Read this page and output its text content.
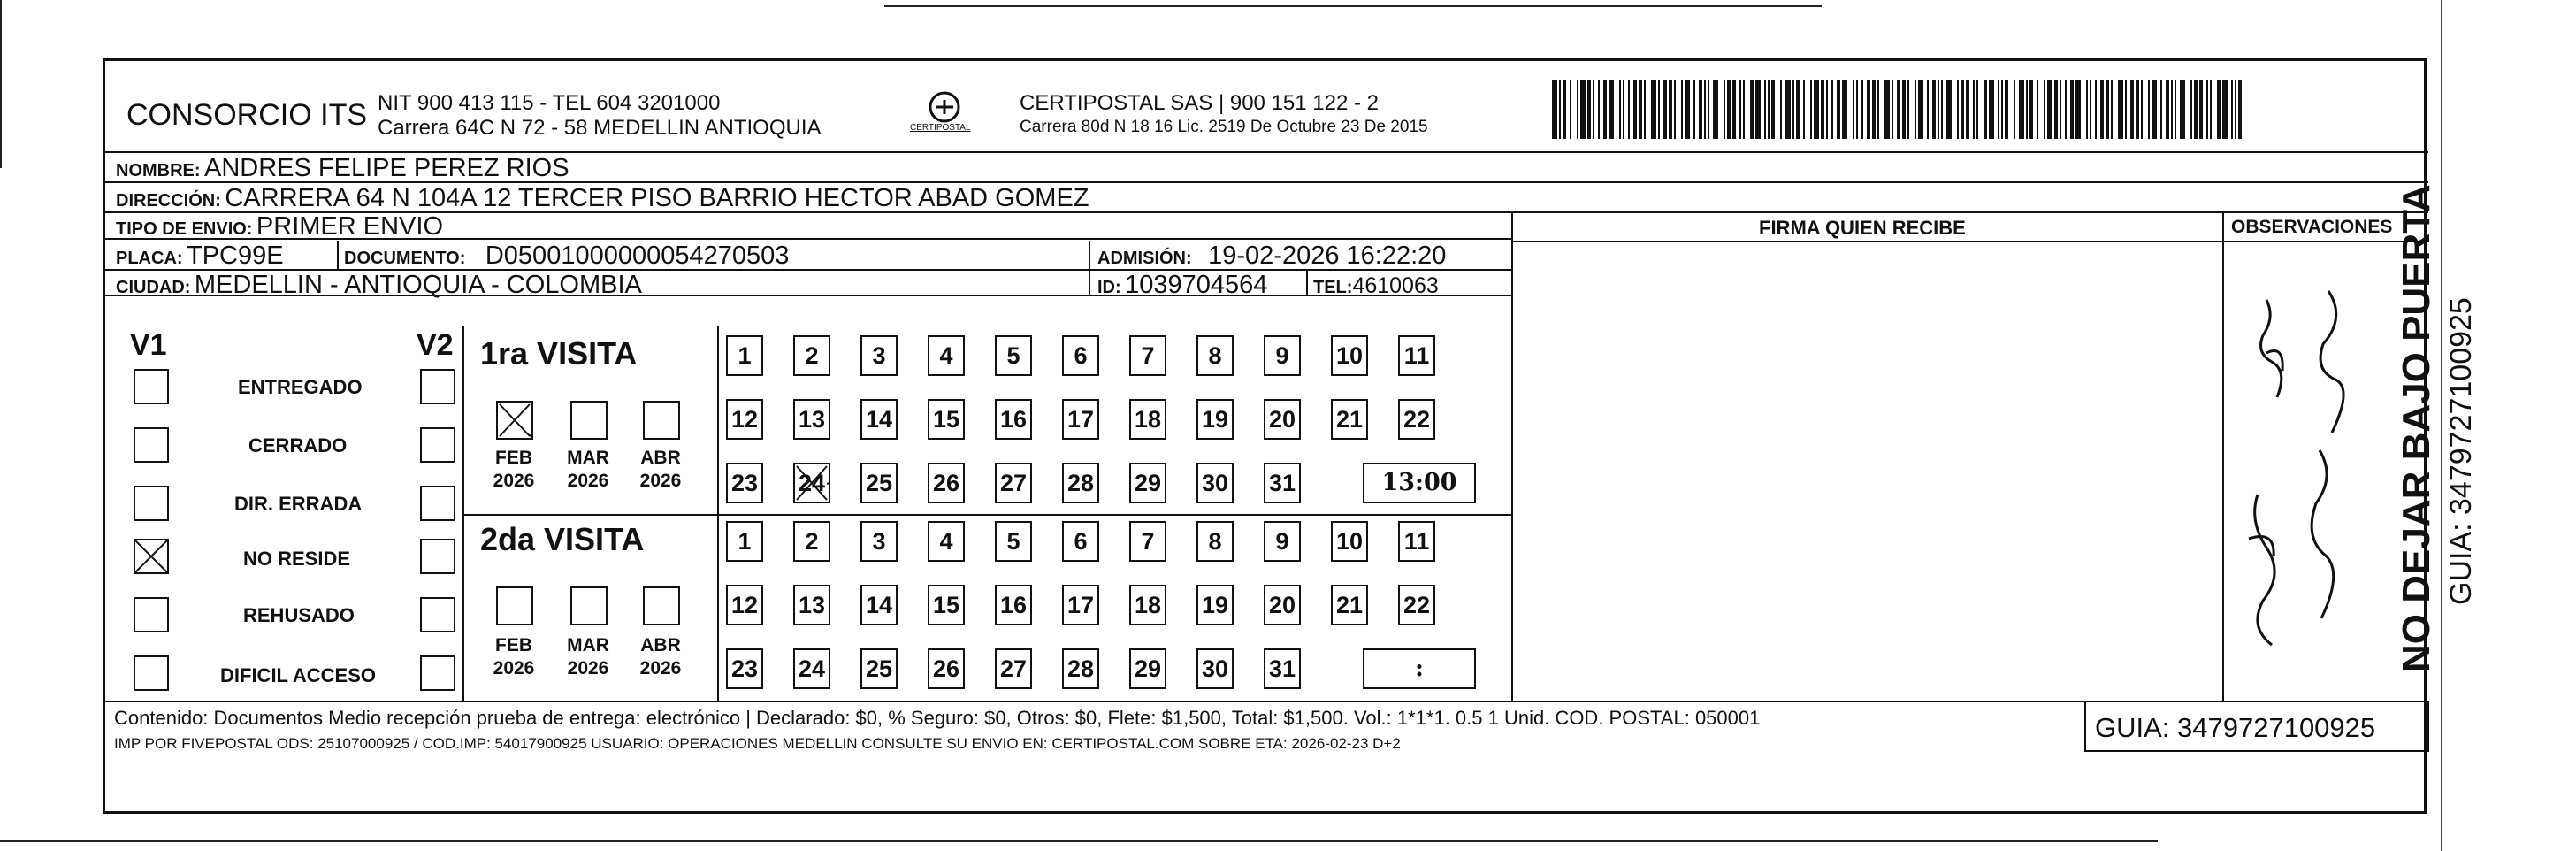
CONSORCIO ITS NIT 900 413 115 - TEL 604 3201000
Carrera 64C N 72 - 58 MEDELLIN ANTIOQUIA	CERTIPOSTAL
CERTIPOSTAL SAS | 900 151 122 - 2
Carrera 80d N 18 16 Lic. 2519 De Octubre 23 De 2015
NOMBRE: ANDRES FELIPE PEREZ RIOS
DIRECCIÓN: CARRERA 64 N 104A 12 TERCER PISO BARRIO HECTOR ABAD GOMEZ
TIPO DE ENVIO: PRIMER ENVIO
PLACA: TPC99E	DOCUMENTO: D05001000000054270503	ADMISIÓN: 19-02-2026 16:22:20
CIUDAD: MEDELLIN - ANTIOQUIA - COLOMBIA	ID: 1039704564	TEL:4610063
FIRMA QUIEN RECIBE	OBSERVACIONES
V1	V2
ENTREGADO
CERRADO
DIR. ERRADA
NO RESIDE
REHUSADO
DIFICIL ACCESO
1ra VISITA
FEB	MAR	ABR
2026	2026	2026
1	2	3	4	5	6	7	8	9	10 11
12 13 14 15 16 17 18 19 20 21 22
23 24 25 26 27 28 29 30 31	13:00
2da VISITA
FEB	MAR	ABR
2026	2026	2026
1	2	3	4	5	6	7	8	9	10 11
12 13 14 15 16 17 18 19 20 21 22
23 24 25 26 27 28 29 30 31	:
Contenido: Documentos Medio recepción prueba de entrega: electrónico | Declarado: $0, % Seguro: $0, Otros: $0, Flete: $1,500, Total: $1,500. Vol.: 1*1*1. 0.5 1 Unid. COD. POSTAL: 050001
IMP POR FIVEPOSTAL ODS: 25107000925 / COD.IMP: 54017900925 USUARIO: OPERACIONES MEDELLIN CONSULTE SU ENVIO EN: CERTIPOSTAL.COM SOBRE ETA: 2026-02-23 D+2
GUIA: 3479727100925
NO DEJAR BAJO PUERTA GUIA: 3479727100925
